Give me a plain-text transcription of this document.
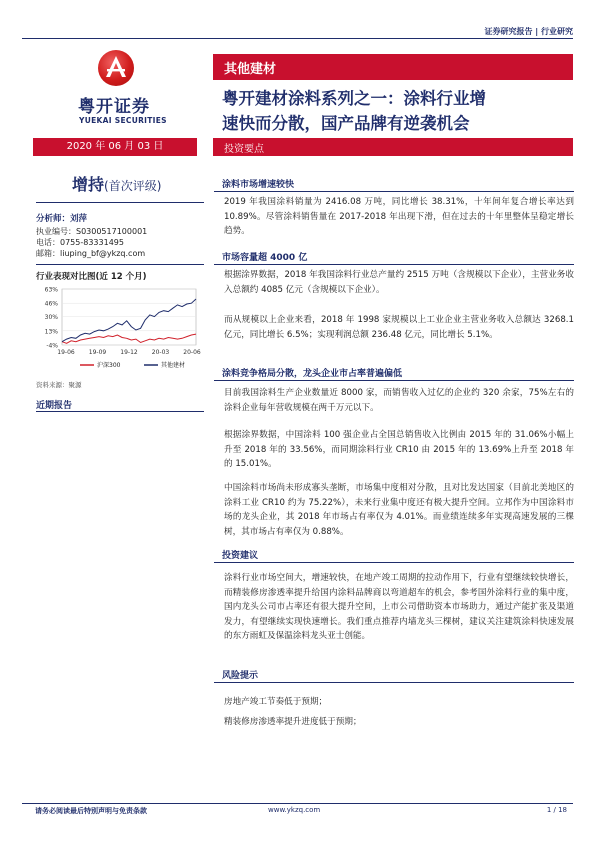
证券研究报告 | 行业研究
粤开证券
YUEKAI SECURITIES
其他建材
粤开建材涂料系列之一：涂料行业增
速快而分散，国产品牌有逆袭机会
2020 年 06 月 03 日	投资要点
增持(首次评级)
分析师：刘萍
执业编号：S0300517100001
电话：0755-83331495
邮箱：liuping_bf@ykzq.com
行业表现对比图(近 12 个月)
63%
46%
30%
13%
-4%
19-06 19-09 19-12 20-03 20-06
沪深300	其他建材
资料来源：聚源
近期报告
涂料市场增速较快
2019 年我国涂料销量为 2416.08 万吨，同比增长 38.31%，十年间年复合增长率达到 10.89%。尽管涂料销售量在 2017-2018 年出现下滑，但在过去的十年里整体呈稳定增长趋势。
市场容量超 4000 亿
根据涂界数据，2018 年我国涂料行业总产量约 2515 万吨（含规模以下企业），主营业务收入总额约 4085 亿元（含规模以下企业）。
而从规模以上企业来看，2018 年 1998 家规模以上工业企业主营业务收入总额达 3268.1 亿元，同比增长 6.5%；实现利润总额 236.48 亿元，同比增长 5.1%。
涂料竞争格局分散，龙头企业市占率普遍偏低
目前我国涂料生产企业数量近 8000 家，而销售收入过亿的企业约 320 余家，75%左右的涂料企业每年营收规模在两千万元以下。
根据涂界数据，中国涂料 100 强企业占全国总销售收入比例由 2015 年的 31.06%小幅上升至 2018 年的 33.56%，而同期涂料行业 CR10 由 2015 年的 13.69%上升至 2018 年的 15.01%。
中国涂料市场尚未形成寡头垄断，市场集中度相对分散，且对比发达国家（目前北美地区的涂料工业 CR10 约为 75.22%），未来行业集中度还有极大提升空间。立邦作为中国涂料市场的龙头企业，其 2018 年市场占有率仅为 4.01%。而业绩连续多年实现高速发展的三棵树，其市场占有率仅为 0.88%。
投资建议
涂料行业市场空间大，增速较快，在地产竣工周期的拉动作用下，行业有望继续较快增长，而精装修房渗透率提升给国内涂料品牌商以弯道超车的机会，参考国外涂料行业的集中度，国内龙头公司市占率还有很大提升空间，上市公司借助资本市场助力，通过产能扩张及渠道发力，有望继续实现快速增长。我们重点推荐内墙龙头三棵树，建议关注建筑涂料快速发展的东方雨虹及保温涂料龙头亚士创能。
风险提示
房地产竣工节奏低于预期；
精装修房渗透率提升进度低于预期；
请务必阅读最后特别声明与免责条款	www.ykzq.com	1 / 18
